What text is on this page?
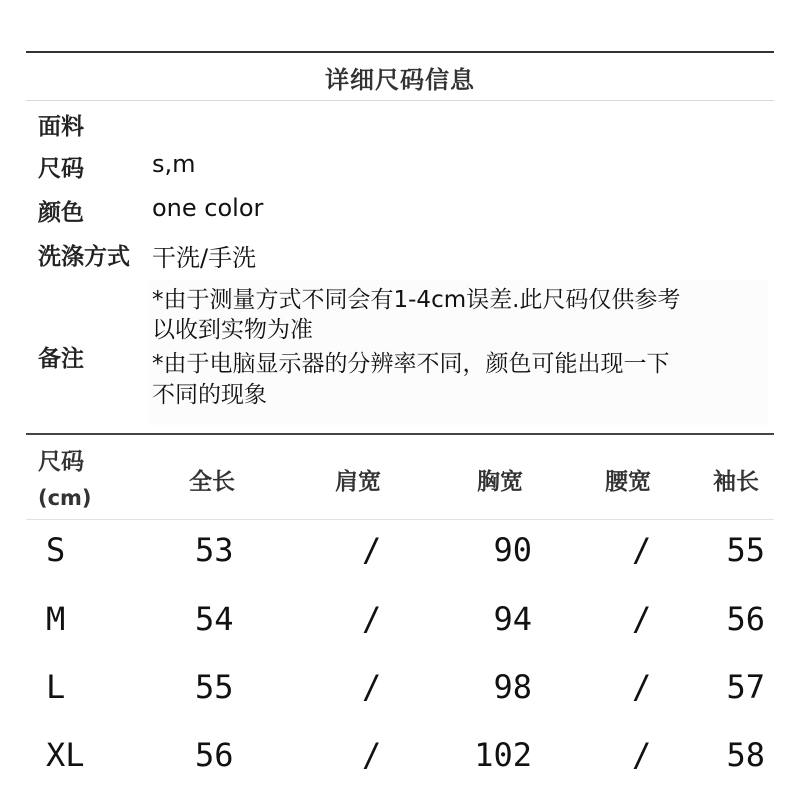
详细尺码信息
面料
尺码	s,m
颜色	one color
洗涤方式 干洗/手洗
备注
*由于测量方式不同会有1-4cm误差.此尺码仅供参考
以收到实物为准
*由于电脑显示器的分辨率不同，颜色可能出现一下
不同的现象
尺码
(cm)
全长	肩宽	胸宽	腰宽	袖长
S	53	/	90	/ 55
M	54	/	94	/ 56
L	55	/	98	/ 57
XL	56	/	102	/ 58
